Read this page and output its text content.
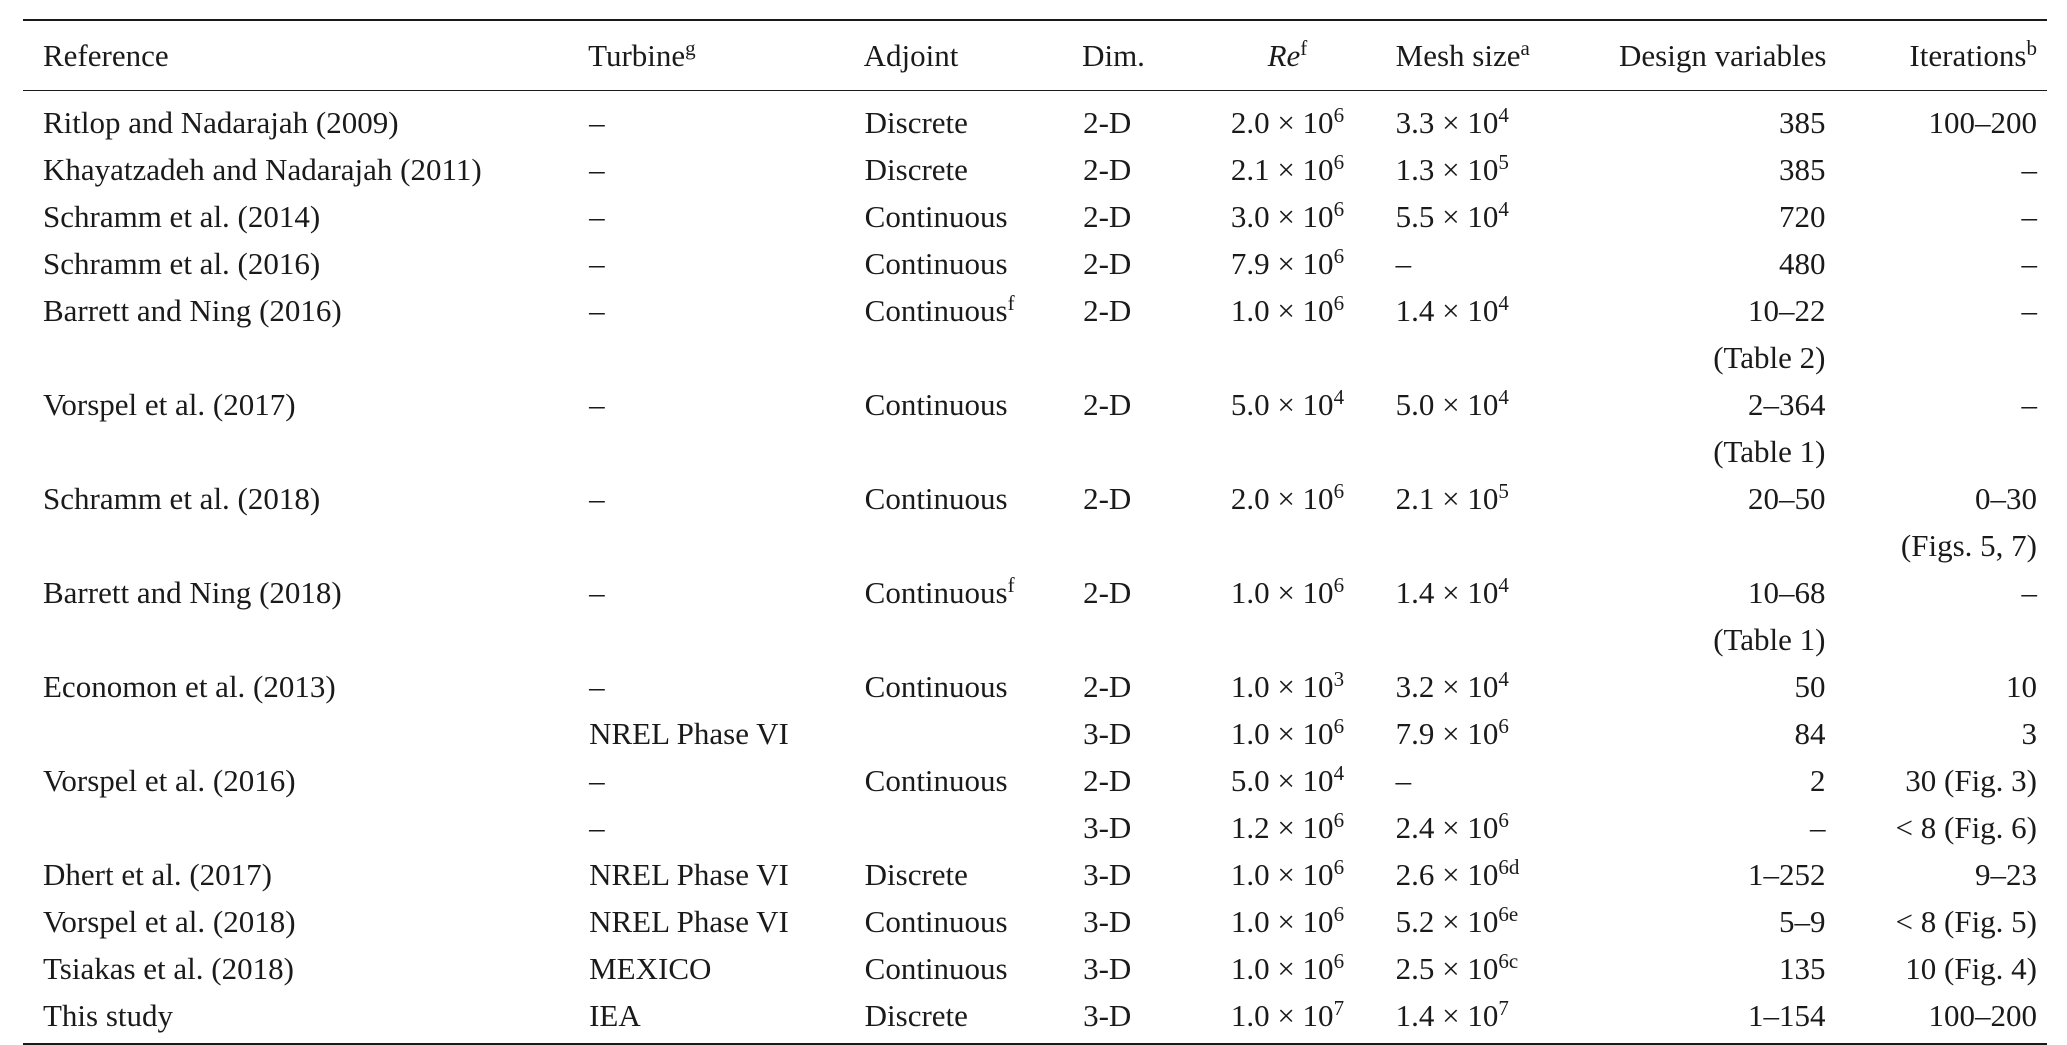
Reference	Turbine$^g$	Adjoint	Dim.	Re$^f$	Mesh size$^a$	Design variables	Iterations$^b$
Ritlop and Nadarajah (2009)	–	Discrete	2-D	$2.0 \times 10^6$	$3.3 \times 10^4$	385	100–200
Khayatzadeh and Nadarajah (2011)	–	Discrete	2-D	$2.1 \times 10^6$	$1.3 \times 10^5$	385	–
Schramm et al. (2014)	–	Continuous	2-D	$3.0 \times 10^6$	$5.5 \times 10^4$	720	–
Schramm et al. (2016)	–	Continuous	2-D	$7.9 \times 10^6$	–	480	–
Barrett and Ning (2016)	–	Continuous$^f$	2-D	$1.0 \times 10^6$	$1.4 \times 10^4$	10–22	–
						(Table 2)	
Vorspel et al. (2017)	–	Continuous	2-D	$5.0 \times 10^4$	$5.0 \times 10^4$	2–364	–
						(Table 1)	
Schramm et al. (2018)	–	Continuous	2-D	$2.0 \times 10^6$	$2.1 \times 10^5$	20–50	0–30
							(Figs. 5, 7)
Barrett and Ning (2018)	–	Continuous$^f$	2-D	$1.0 \times 10^6$	$1.4 \times 10^4$	10–68	–
						(Table 1)	
Economon et al. (2013)	–	Continuous	2-D	$1.0 \times 10^3$	$3.2 \times 10^4$	50	10
	NREL Phase VI		3-D	$1.0 \times 10^6$	$7.9 \times 10^6$	84	3
Vorspel et al. (2016)	–	Continuous	2-D	$5.0 \times 10^4$	–	2	30 (Fig. 3)
	–		3-D	$1.2 \times 10^6$	$2.4 \times 10^6$	–	< 8 (Fig. 6)
Dhert et al. (2017)	NREL Phase VI	Discrete	3-D	$1.0 \times 10^6$	$2.6 \times 10^{6d}$	1–252	9–23
Vorspel et al. (2018)	NREL Phase VI	Continuous	3-D	$1.0 \times 10^6$	$5.2 \times 10^{6e}$	5–9	< 8 (Fig. 5)
Tsiakas et al. (2018)	MEXICO	Continuous	3-D	$1.0 \times 10^6$	$2.5 \times 10^{6c}$	135	10 (Fig. 4)
This study	IEA	Discrete	3-D	$1.0 \times 10^7$	$1.4 \times 10^7$	1–154	100–200
